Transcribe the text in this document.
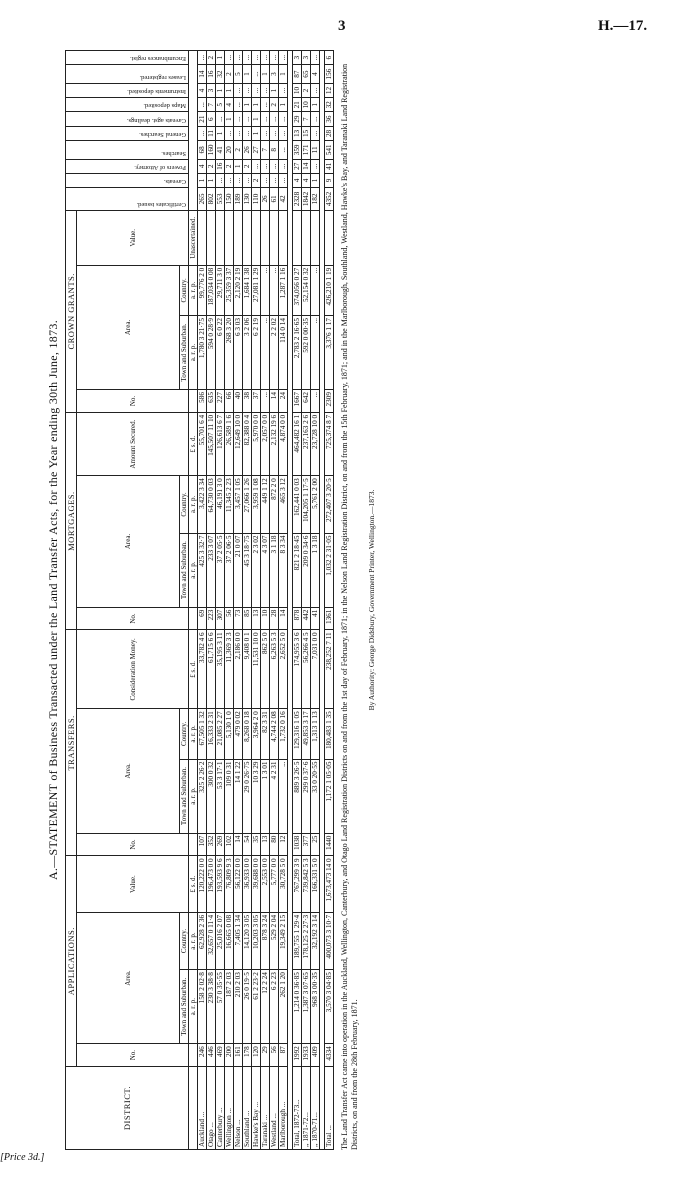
3	H.—17.
A.—STATEMENT of Business Transacted under the Land Transfer Acts, for the Year ending 30th June, 1873.
DISTRICT.	APPLICATIONS.				TRANSFERS.				MORTGAGES.				CROWN GRANTS.				Certificates issued.	Caveats.	Powers of Attorney.	Searches.	General Searches.	Caveats agst. dealings.	Maps deposited.	Instruments deposited.	Leases registered.	Encumbrances regist.

	No.	Area.		Value.	No.	Area.		Consideration Money.	No.	Area.		Amount Secured.	No.	Area.		Value.										
		Town and Suburban.	Country.			Town and Suburban.	Country.			Town and Suburban.	Country.			Town and Suburban.	Country.											
		a. r. p.	a. r. p.	£ s. d.		a. r. p.	a. r. p.	£ s. d.		a. r. p.	a. r. p.	£ s. d.		a. r. p.	a. r. p.	Unascertained.										
Auckland ...	246	158 2 02·8	62,928 2 36	120,222 0 0	107	325 2 26·2	67,505 1 32	33,782 4 6	69	425 3 32·7	3,422 3 34	55,701 6 4	586	1,780 3 21·75	99,776 2 0		265	1	4	68	...	21	...	4	14	...
Otago ...	446	230 3 38·8	32,657 0 11·4	196,473 0 0	352	300 0 32	16,333 2 31	61,715 6 6	223	233 3 07	64,730 0 03	145,507 11 10	635	594 0 28·9	187,034 0 08		802	1	2	160	11	6	7	3	16	2
Canterbury ...	469	57 0 35·55	25,016 2 07	193,593 9 6	269	53 3 17·1	21,085 2 27	35,195 3 11	307	37 2 05·5	46,191 3 0	126,613 6 7	227	6 0 22	29,711 3 0		553	...	16	41	1	...	5	1	32	1
Wellington ...	200	187 2 03	16,665 0 08	76,809 9 3	102	109 0 31	5,130 1 0	11,369 3 3	56	37 2 06·5	11,345 2 23	26,589 1 6	66	268 3 20	25,359 3 37		150	...	2	20	...	1	4	1	2	...
Nelson ...	161	210 2 03	7,405 1 34	56,122 0 0	14	14 1 22	479 0 02	2,186 0 0	73	21 0 07	3,457 1 05	12,649 10 0	40	6 3 03	2,120 2 19		189	...	1	2	...	...	...	...	5	...
Southland ...	178	26 0 19·5	14,120 3 05	36,933 0 0	54	29 0 26·75	8,268 0 18	9,408 0 1	85	45 3 18·75	27,066 1 26	82,388 0 4	38	3 2 06	1,684 1 38		130	...	2	26	...	...	1	...	1	...
Hawke's Bay ...	120	61 2 23·2	10,203 3 05	39,688 0 0	35	10 3 29	3,964 2 0	11,531 10 0	13	2 3 02	3,959 1 08	5,970 0 0	37	6 2 19	27,081 1 29		110	2	...	27	1	1	1	...	...	...
Taranaki ...	29	12 2 24	878 3 24	2,553 0 0	13	1 3 01	82 3 31	862 5 0	10	4 3 07	449 1 12	2,057 0 0	...	...	...		26	...	...	7	...	...	...	...	1	...
Westland ...	56	6 2 23	529 2 04	5,777 0 0	80	4 2 31	4,744 2 08	6,263 5 3	28	3 1 18	872 2 0	2,132 19 6	14	2 2 02	...		61	...	...	8	...	...	2	1	3	...
Marlborough ...	87	262 1 20	19,349 2 15	30,728 5 0	12	...	1,732 0 16	2,652 5 0	14	8 3 34	465 3 12	4,874 0 0	24	114 0 14	1,287 1 16		42	...	...	...	...	...	1	...	1	...

Total, 1872-73...	1992	1,214 0 36·85	189,755 1 29·4	767,299 3 9	1038	889 3 26·5	129,316 1 05	174,955 3 6	878	821 2 18·45	162,441 0 03	464,482 16 1	1667	2,783 2 16·65	374,056 0 27		2328	4	27	359	13	29	21	10	87	3
,, 1871-72...	1933	1,387 3 07·65	178,125 2 27·3	739,842 5 3	377	299 0 37·6	49,853 3 17	56,266 4 5	442	209 0 34·6	104,205 1 17·5	237,163 2 6	642	592 0 00·35	52,154 0 32		1842	4	14	171	15	7	10	2	65	3
,, 1870-71...	409	968 3 00·35	32,192 3 14	166,331 5 0	25	33 0 20·55	1,313 1 13	7,031 0 0	41	1 3 18	5,761 2 00	23,728 10 0	...	...	...		182	1	...	11	...	...	1	...	4	...

Total ...	4334	3,570 3 04·85	400,073 3 10·7	1,673,473 14 0	1440	1,172 1 05·05	180,483 1 35	238,252 7 11	1361	1,032 2 31·05	272,407 3 20·5	725,374 8 7	2309	3,376 1 17	426,210 1 19		4352	9	41	541	28	36	32	12	156	6
The Land Transfer Act came into operation in the Auckland, Wellington, Canterbury, and Otago Land Registration Districts on and from the 1st day of February, 1871; in the Nelson Land Registration District, on and from the 15th February, 1871; and in the Marlborough, Southland, Westland, Hawke's Bay, and Taranaki Land Registration Districts, on and from the 28th February, 1871.
By Authority: George Didsbury, Government Printer, Wellington.—1873.
[Price 3d.]
